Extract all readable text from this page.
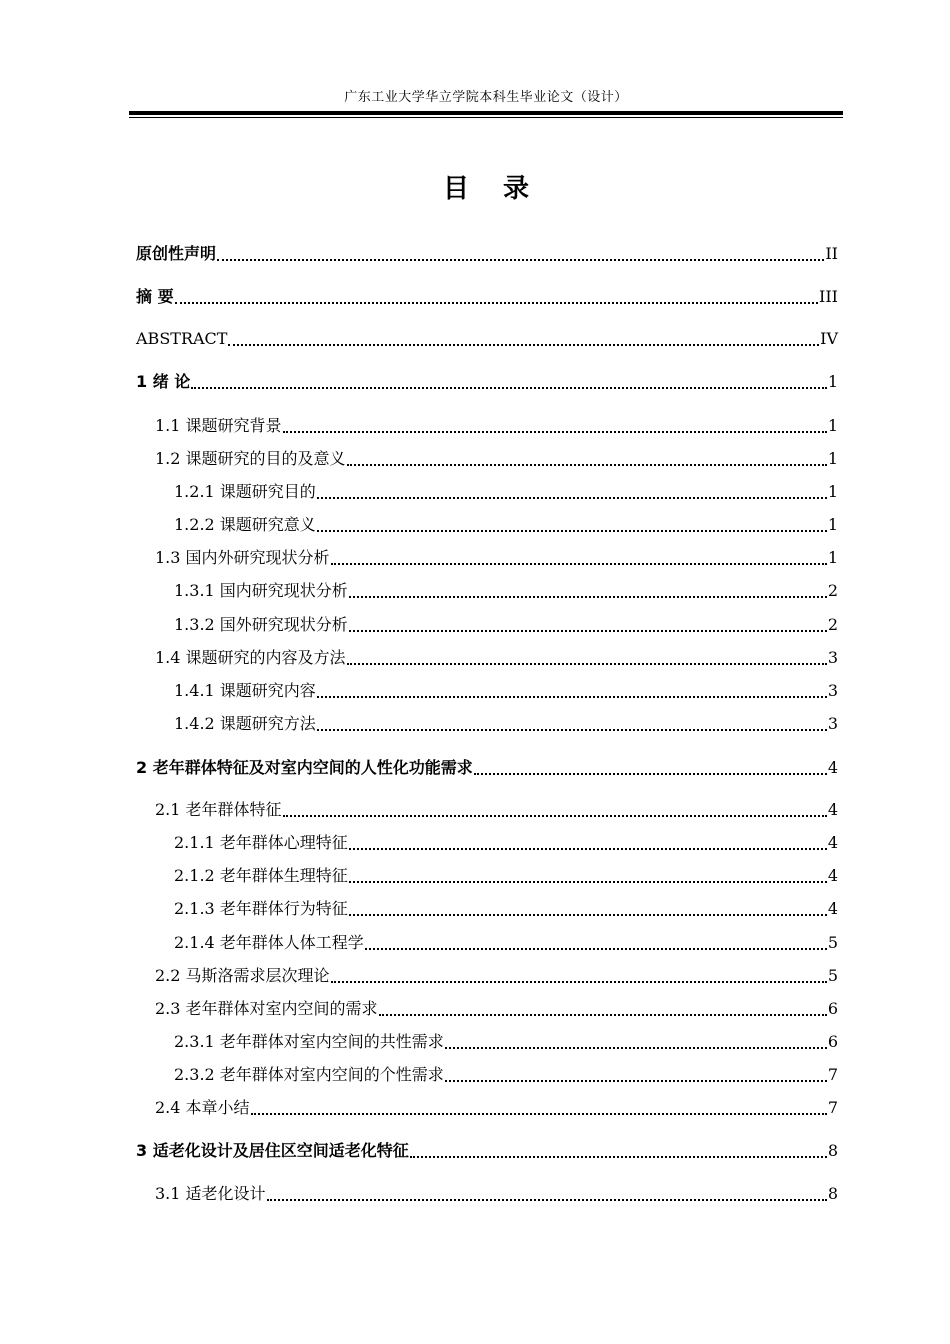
广东工业大学华立学院本科生毕业论文（设计）
目录
原创性声明	II
摘 要	III
ABSTRACT	IV
1 绪 论	1
1.1 课题研究背景	1
1.2 课题研究的目的及意义	1
1.2.1 课题研究目的	1
1.2.2 课题研究意义	1
1.3 国内外研究现状分析	1
1.3.1 国内研究现状分析	2
1.3.2 国外研究现状分析	2
1.4 课题研究的内容及方法	3
1.4.1 课题研究内容	3
1.4.2 课题研究方法	3
2 老年群体特征及对室内空间的人性化功能需求	4
2.1 老年群体特征	4
2.1.1 老年群体心理特征	4
2.1.2 老年群体生理特征	4
2.1.3 老年群体行为特征	4
2.1.4 老年群体人体工程学	5
2.2 马斯洛需求层次理论	5
2.3 老年群体对室内空间的需求	6
2.3.1 老年群体对室内空间的共性需求	6
2.3.2 老年群体对室内空间的个性需求	7
2.4 本章小结	7
3 适老化设计及居住区空间适老化特征	8
3.1 适老化设计	8
